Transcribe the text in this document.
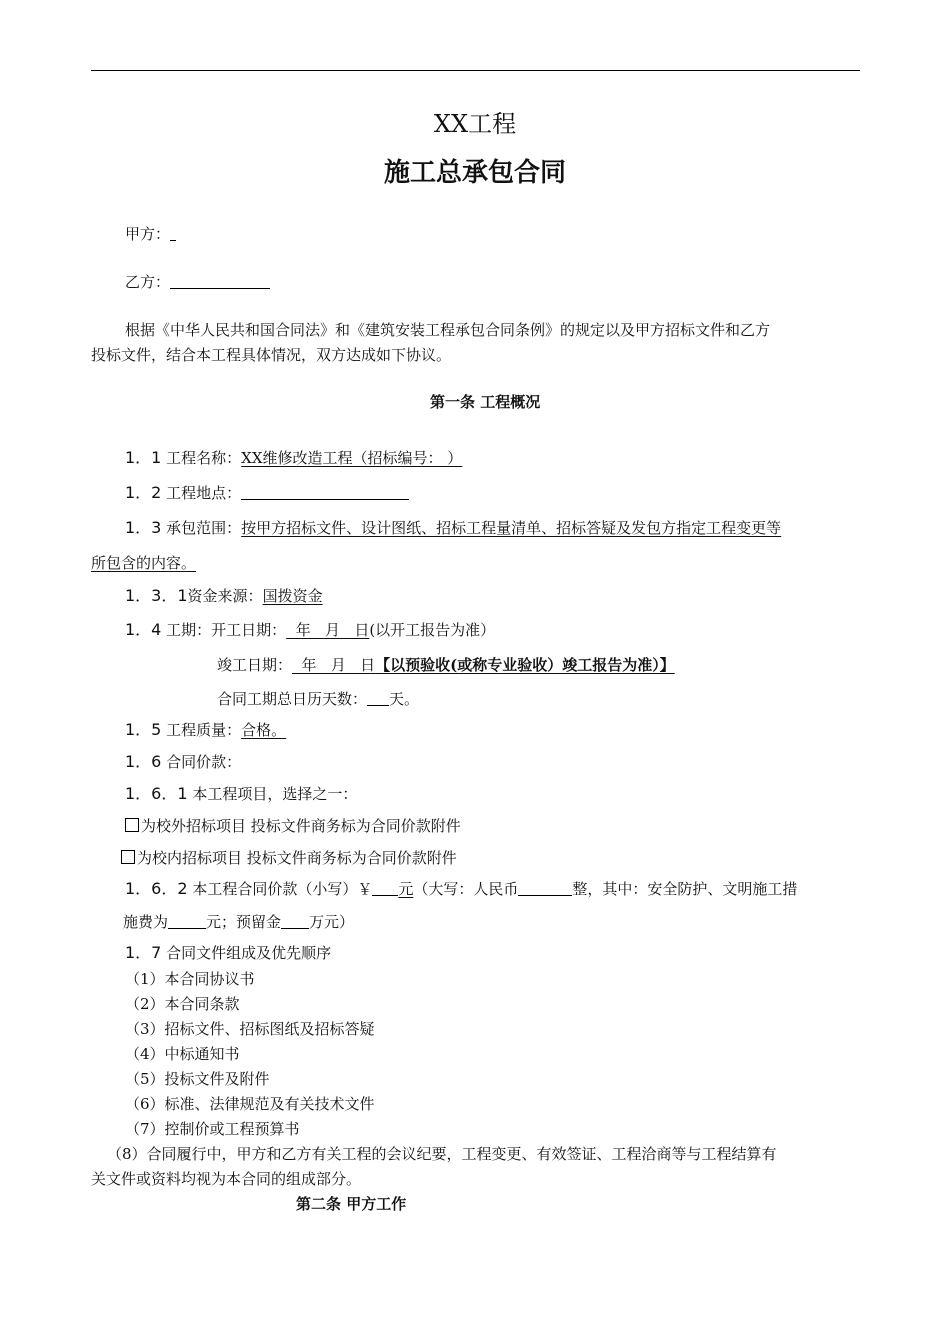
XX工程
施工总承包合同
甲方：
乙方：
根据《中华人民共和国合同法》和《建筑安装工程承包合同条例》的规定以及甲方招标文件和乙方
投标文件，结合本工程具体情况，双方达成如下协议。
第一条 工程概况
1．1 工程名称：XX维修改造工程（招标编号： ）
1．2 工程地点：
1．3 承包范围：按甲方招标文件、设计图纸、招标工程量清单、招标答疑及发包方指定工程变更等
所包含的内容。
1．3．1资金来源：国拨资金
1．4 工期：开工日期：  年   月   日(以开工报告为准）
竣工日期：  年   月   日【以预验收(或称专业验收）竣工报告为准）】
合同工期总日历天数： 天。
1．5 工程质量：合格。
1．6 合同价款：
1．6．1 本工程项目，选择之一：
为校外招标项目 投标文件商务标为合同价款附件
为校内招标项目 投标文件商务标为合同价款附件
1．6．2 本工程合同价款（小写）￥ 元（大写：人民币	整，其中：安全防护、文明施工措
施费为	元；预留金 万元）
1．7 合同文件组成及优先顺序
（1）本合同协议书
（2）本合同条款
（3）招标文件、招标图纸及招标答疑
（4）中标通知书
（5）投标文件及附件
（6）标准、法律规范及有关技术文件
（7）控制价或工程预算书
（8）合同履行中，甲方和乙方有关工程的会议纪要，工程变更、有效签证、工程洽商等与工程结算有
关文件或资料均视为本合同的组成部分。
第二条 甲方工作
